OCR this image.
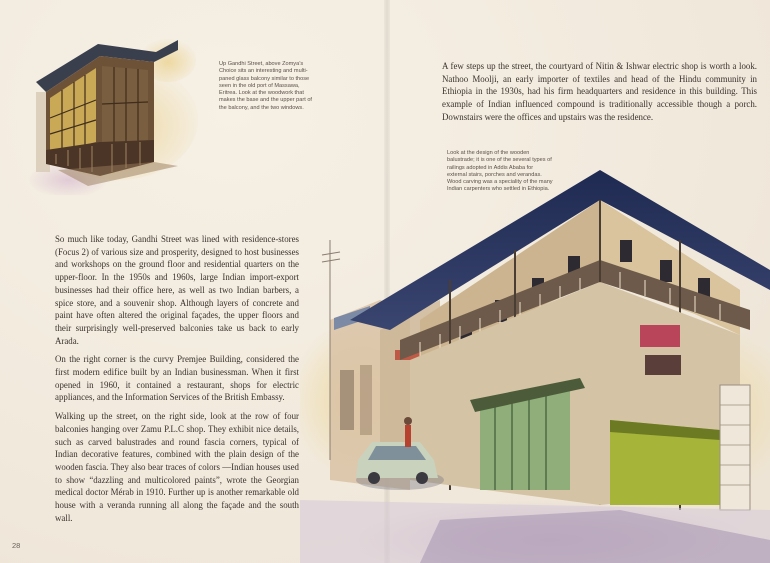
Up Gandhi Street, above Zomya’s Choice sits an interesting and multi-paned glass balcony similar to those seen in the old port of Massawa, Eritrea. Look at the woodwork that makes the base and the upper part of the balcony, and the two windows.

So much like today, Gandhi Street was lined with residence-stores (Focus 2) of various size and prosperity, designed to host businesses and workshops on the ground floor and residential quarters on the upper-floor. In the 1950s and 1960s, large Indian import-export businesses had their office here, as well as two Indian barbers, a spice store, and a souvenir shop. Although layers of concrete and paint have often altered the original façades, the upper floors and their surprisingly well-preserved balconies take us back to early Arada.

On the right corner is the curvy Premjee Building, considered the first modern edifice built by an Indian businessman. When it first opened in 1960, it contained a restaurant, shops for electric appliances, and the Information Services of the British Embassy.

Walking up the street, on the right side, look at the row of four balconies hanging over Zamu P.L.C shop. They exhibit nice details, such as carved balustrades and round fascia corners, typical of Indian decorative features, combined with the plain design of the wooden fascia. They also bear traces of colors —Indian houses used to show “dazzling and multicolored paints”, wrote the Georgian medical doctor Mérab in 1910. Further up is another remarkable old house with a veranda running all along the façade and the south wall.

A few steps up the street, the courtyard of Nitin & Ishwar electric shop is worth a look. Nathoo Moolji, an early importer of textiles and head of the Hindu community in Ethiopia in the 1930s, had his firm headquarters and residence in this building. This example of Indian influenced compound is traditionally accessible though a porch. Downstairs were the offices and upstairs was the residence.

Look at the design of the wooden balustrade; it is one of the several types of railings adopted in Addis Ababa for external stairs, porches and verandas. Wood carving was a speciality of the many Indian carpenters who settled in Ethiopia.
28
